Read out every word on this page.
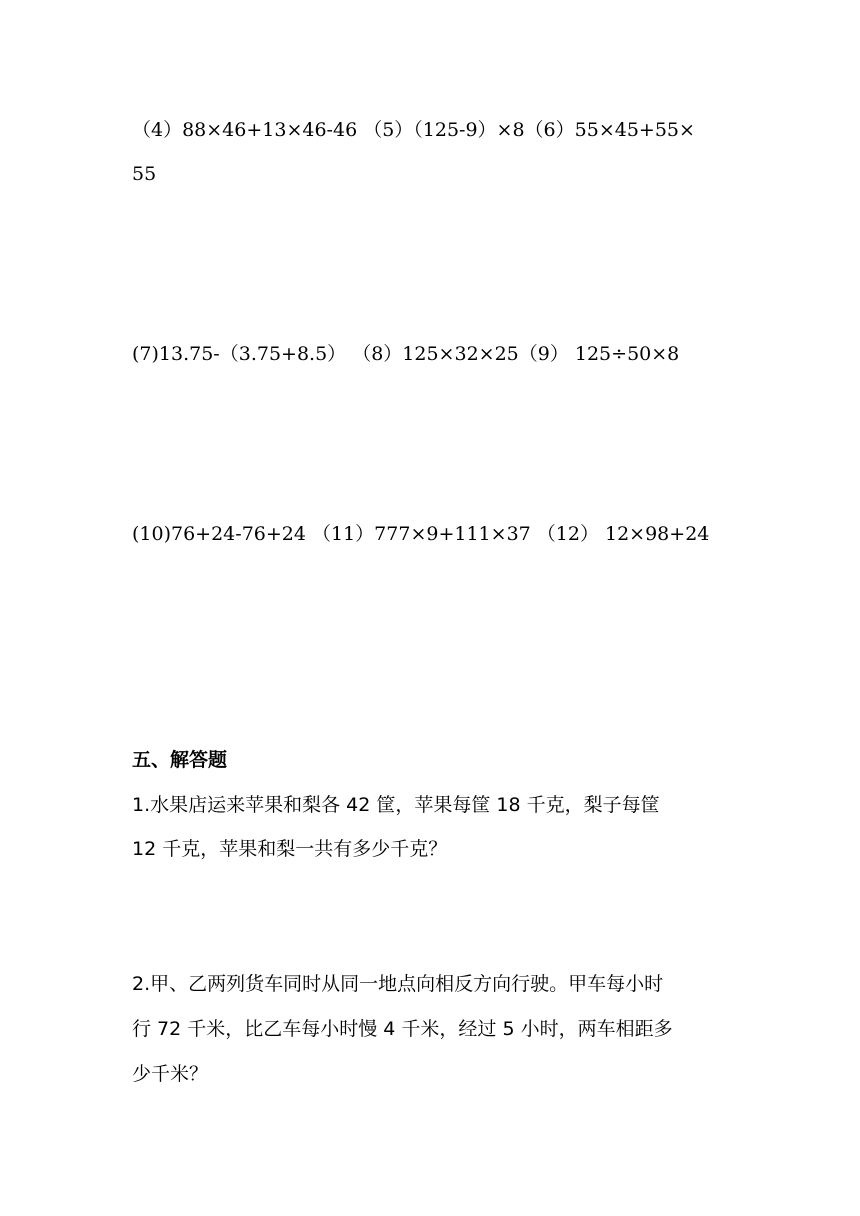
（4）88×46+13×46-46 （5）（125-9）×8（6）55×45+55×
55
(7)13.75-（3.75+8.5） （8）125×32×25（9） 125÷50×8
(10)76+24-76+24 （11）777×9+111×37 （12） 12×98+24
五、解答题
1.水果店运来苹果和梨各 42 筐，苹果每筐 18 千克，梨子每筐
12 千克，苹果和梨一共有多少千克？
2.甲、乙两列货车同时从同一地点向相反方向行驶。甲车每小时
行 72 千米，比乙车每小时慢 4 千米，经过 5 小时，两车相距多
少千米？
